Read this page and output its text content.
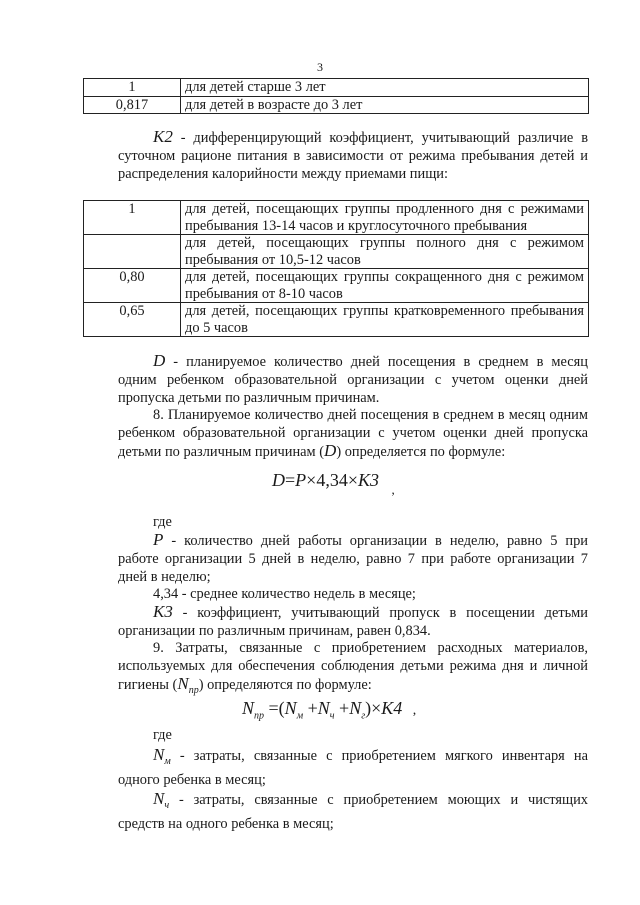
3
1	для детей старше 3 лет
0,817	для детей в возрасте до 3 лет
K2 - дифференцирующий коэффициент, учитывающий различие в суточном рационе питания в зависимости от режима пребывания детей и распределения калорийности между приемами пищи:
1	для детей, посещающих группы продленного дня с режимами пребывания 13-14 часов и круглосуточного пребывания
	для детей, посещающих группы полного дня с режимом пребывания от 10,5-12 часов
0,80	для детей, посещающих группы сокращенного дня с режимом пребывания от 8-10 часов
0,65	для детей, посещающих группы кратковременного пребывания до 5 часов
D - планируемое количество дней посещения в среднем в месяц одним ребенком образовательной организации с учетом оценки дней пропуска детьми по различным причинам.
8. Планируемое количество дней посещения в среднем в месяц одним ребенком образовательной организации с учетом оценки дней пропуска детьми по различным причинам (D) определяется по формуле:
D=P×4,34×K3 $_,$
где
P - количество дней работы организации в неделю, равно 5 при работе организации 5 дней в неделю, равно 7 при работе организации 7 дней в неделю;
4,34 - среднее количество недель в месяце;
K3 - коэффициент, учитывающий пропуск в посещении детьми организации по различным причинам, равен 0,834.
9. Затраты, связанные с приобретением расходных материалов, используемых для обеспечения соблюдения детьми режима дня и личной гигиены $(N_{пр})$ определяются по формуле:
$N_{пр} =(N_м +N_ч +N_г)\times K4$ ,
где
$N_м$ - затраты, связанные с приобретением мягкого инвентаря на одного ребенка в месяц;
$N_ч$ - затраты, связанные с приобретением моющих и чистящих средств на одного ребенка в месяц;
